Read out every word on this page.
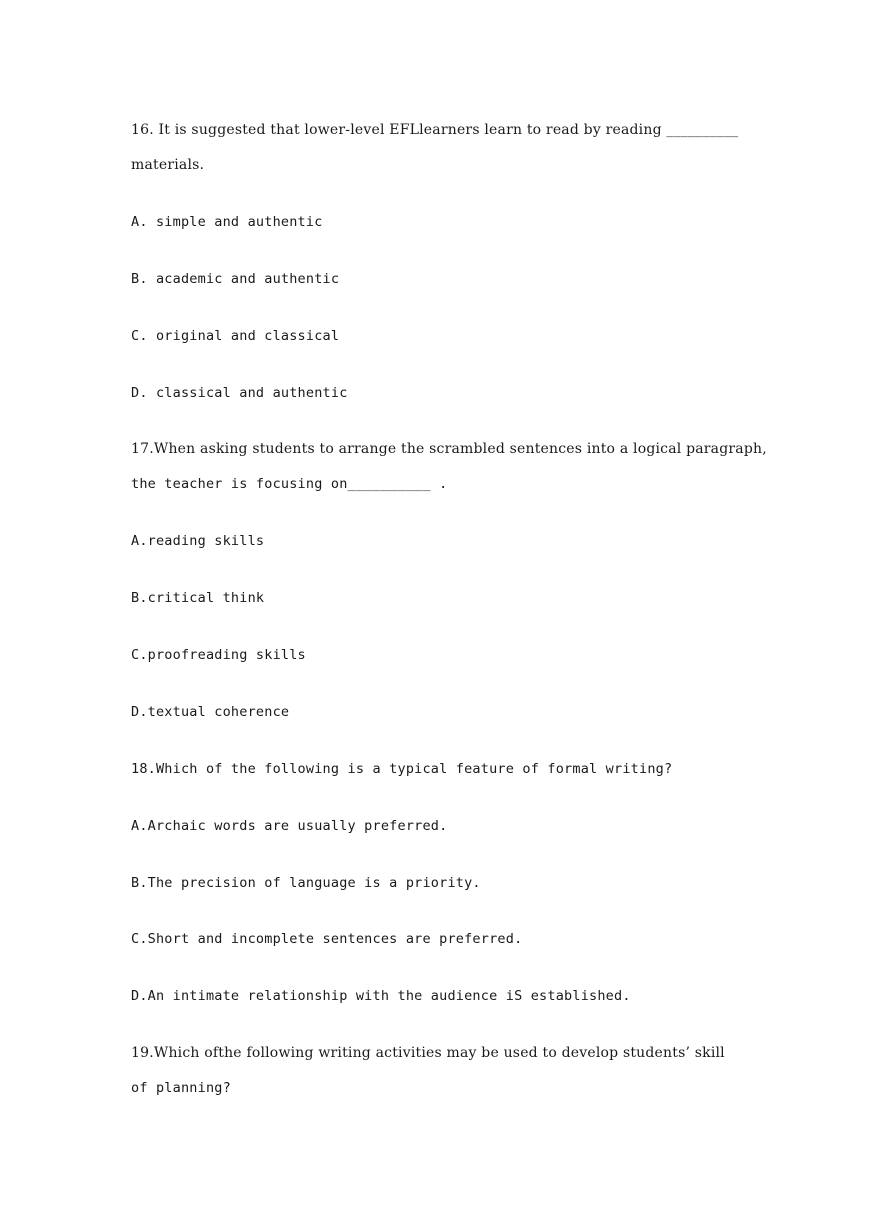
16. It is suggested that lower-level EFLlearners learn to read by reading __________
materials.
A. simple and authentic
B. academic and authentic
C. original and classical
D. classical and authentic
17.When asking students to arrange the scrambled sentences into a logical paragraph,
the teacher is focusing on__________ .
A.reading skills
B.critical think
C.proofreading skills
D.textual coherence
18.Which of the following is a typical feature of formal writing?
A.Archaic words are usually preferred.
B.The precision of language is a priority.
C.Short and incomplete sentences are preferred.
D.An intimate relationship with the audience iS established.
19.Which ofthe following writing activities may be used to develop students’ skill
of planning?
